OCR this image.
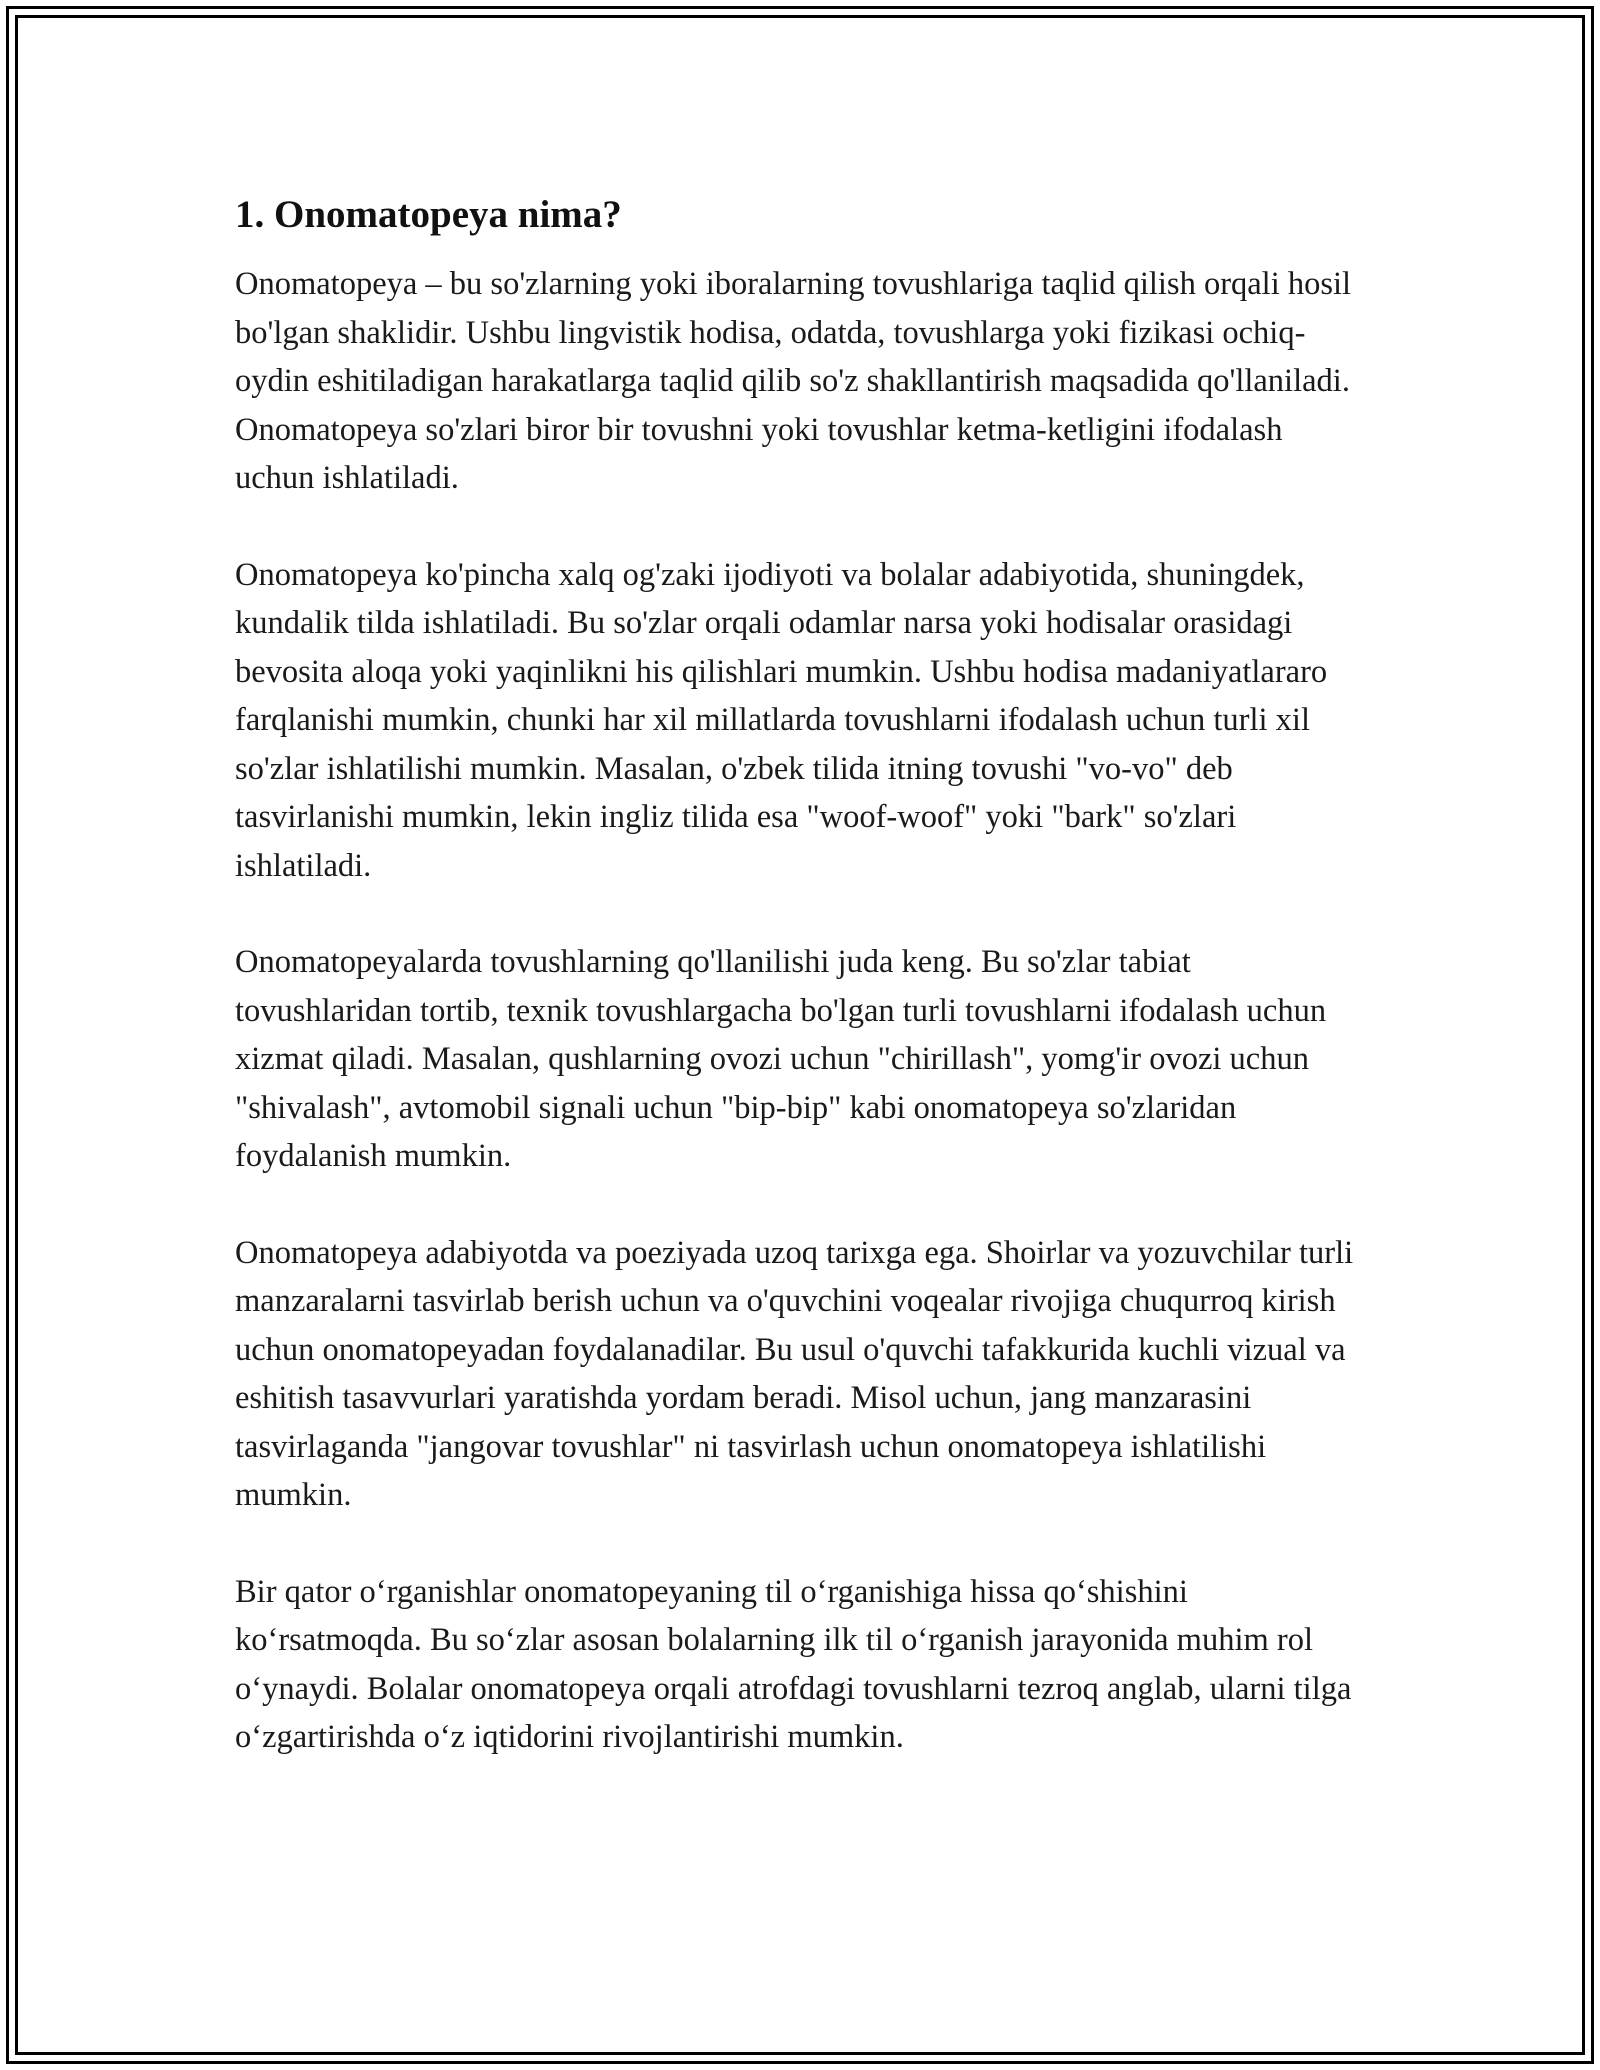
1. Onomatopeya nima?

Onomatopeya – bu so'zlarning yoki iboralarning tovushlariga taqlid qilish orqali hosil bo'lgan shaklidir. Ushbu lingvistik hodisa, odatda, tovushlarga yoki fizikasi ochiq-oydin eshitiladigan harakatlarga taqlid qilib so'z shakllantirish maqsadida qo'llaniladi. Onomatopeya so'zlari biror bir tovushni yoki tovushlar ketma-ketligini ifodalash uchun ishlatiladi.

Onomatopeya ko'pincha xalq og'zaki ijodiyoti va bolalar adabiyotida, shuningdek, kundalik tilda ishlatiladi. Bu so'zlar orqali odamlar narsa yoki hodisalar orasidagi bevosita aloqa yoki yaqinlikni his qilishlari mumkin. Ushbu hodisa madaniyatlararo farqlanishi mumkin, chunki har xil millatlarda tovushlarni ifodalash uchun turli xil so'zlar ishlatilishi mumkin. Masalan, o'zbek tilida itning tovushi "vo-vo" deb tasvirlanishi mumkin, lekin ingliz tilida esa "woof-woof" yoki "bark" so'zlari ishlatiladi.

Onomatopeyalarda tovushlarning qo'llanilishi juda keng. Bu so'zlar tabiat tovushlaridan tortib, texnik tovushlargacha bo'lgan turli tovushlarni ifodalash uchun xizmat qiladi. Masalan, qushlarning ovozi uchun "chirillash", yomg'ir ovozi uchun "shivalash", avtomobil signali uchun "bip-bip" kabi onomatopeya so'zlaridan foydalanish mumkin.

Onomatopeya adabiyotda va poeziyada uzoq tarixga ega. Shoirlar va yozuvchilar turli manzaralarni tasvirlab berish uchun va o'quvchini voqealar rivojiga chuqurroq kirish uchun onomatopeyadan foydalanadilar. Bu usul o'quvchi tafakkurida kuchli vizual va eshitish tasavvurlari yaratishda yordam beradi. Misol uchun, jang manzarasini tasvirlaganda "jangovar tovushlar" ni tasvirlash uchun onomatopeya ishlatilishi mumkin.

Bir qator oʻrganishlar onomatopeyaning til oʻrganishiga hissa qoʻshishini koʻrsatmoqda. Bu soʻzlar asosan bolalarning ilk til oʻrganish jarayonida muhim rol oʻynaydi. Bolalar onomatopeya orqali atrofdagi tovushlarni tezroq anglab, ularni tilga oʻzgartirishda oʻz iqtidorini rivojlantirishi mumkin.
